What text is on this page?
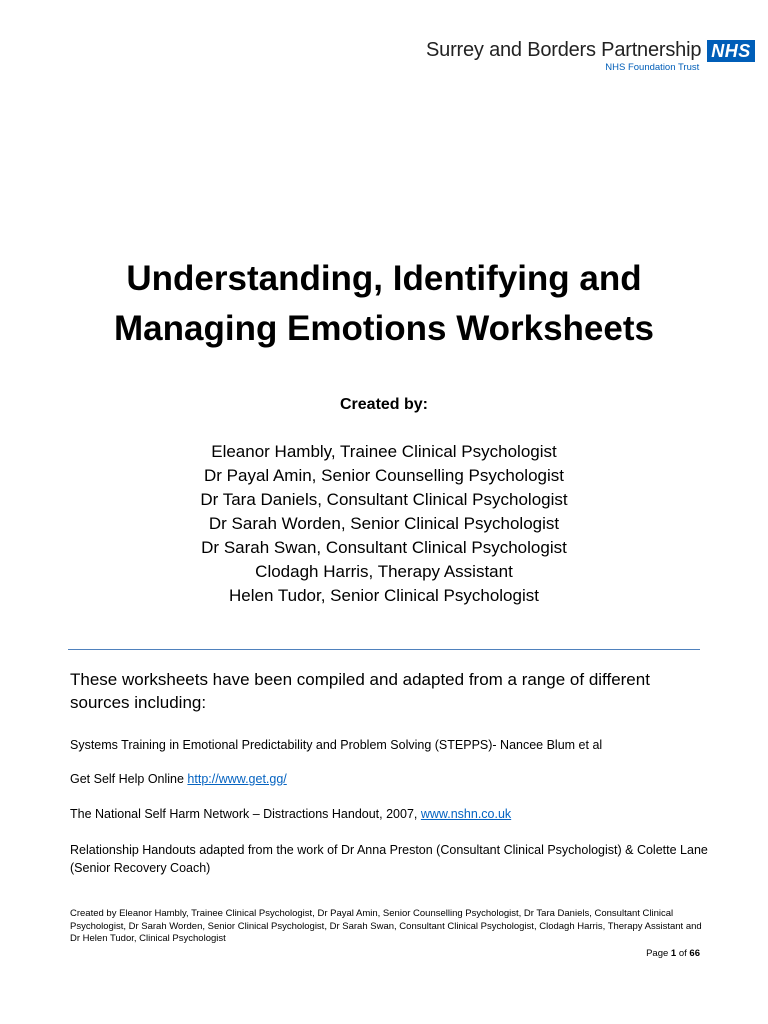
Surrey and Borders Partnership
NHS Foundation Trust
NHS
Understanding, Identifying and
Managing Emotions Worksheets
Created by:
Eleanor Hambly, Trainee Clinical Psychologist
Dr Payal Amin, Senior Counselling Psychologist
Dr Tara Daniels, Consultant Clinical Psychologist
Dr Sarah Worden, Senior Clinical Psychologist
Dr Sarah Swan, Consultant Clinical Psychologist
Clodagh Harris, Therapy Assistant
Helen Tudor, Senior Clinical Psychologist
These worksheets have been compiled and adapted from a range of different sources including:
Systems Training in Emotional Predictability and Problem Solving (STEPPS)- Nancee Blum et al
Get Self Help Online http://www.get.gg/
The National Self Harm Network – Distractions Handout, 2007, www.nshn.co.uk
Relationship Handouts adapted from the work of Dr Anna Preston (Consultant Clinical Psychologist) & Colette Lane (Senior Recovery Coach)
Created by Eleanor Hambly, Trainee Clinical Psychologist, Dr Payal Amin, Senior Counselling Psychologist, Dr Tara Daniels, Consultant Clinical Psychologist, Dr Sarah Worden, Senior Clinical Psychologist, Dr Sarah Swan, Consultant Clinical Psychologist, Clodagh Harris, Therapy Assistant and Dr Helen Tudor, Clinical Psychologist
Page 1 of 66
